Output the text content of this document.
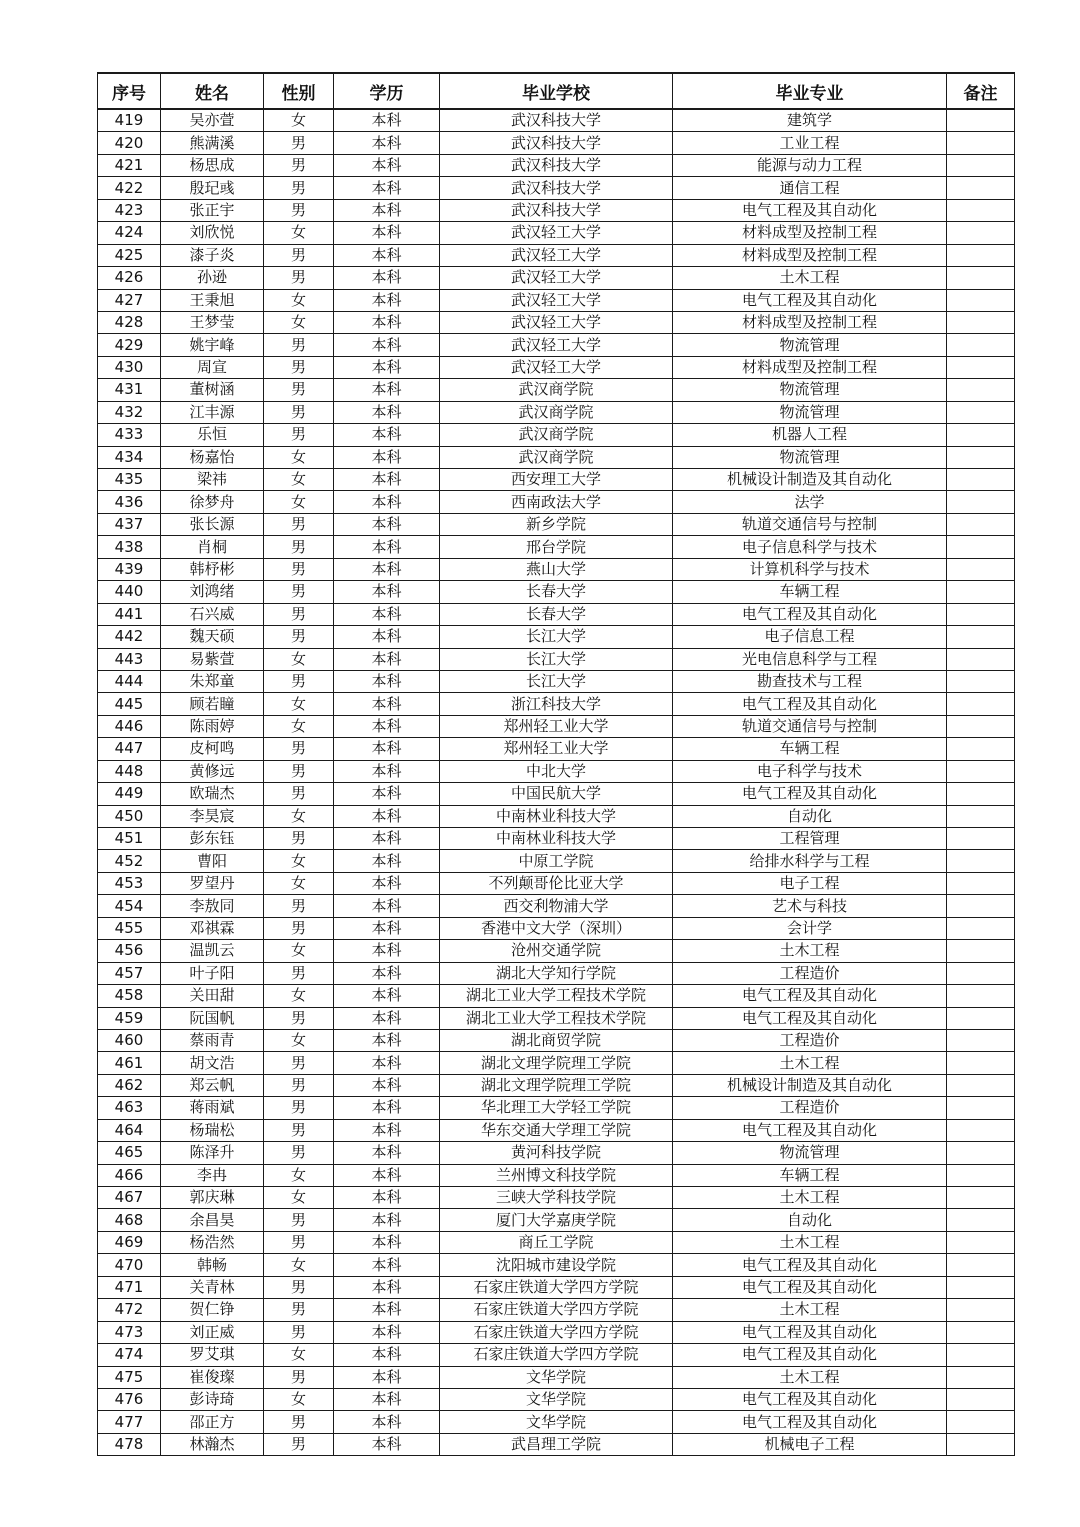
序号	姓名	性别	学历	毕业学校	毕业专业	备注
419	吴亦萱	女	本科	武汉科技大学	建筑学	
420	熊满溪	男	本科	武汉科技大学	工业工程	
421	杨思成	男	本科	武汉科技大学	能源与动力工程	
422	殷玘彧	男	本科	武汉科技大学	通信工程	
423	张正宇	男	本科	武汉科技大学	电气工程及其自动化	
424	刘欣悦	女	本科	武汉轻工大学	材料成型及控制工程	
425	漆子炎	男	本科	武汉轻工大学	材料成型及控制工程	
426	孙逊	男	本科	武汉轻工大学	土木工程	
427	王秉旭	女	本科	武汉轻工大学	电气工程及其自动化	
428	王梦莹	女	本科	武汉轻工大学	材料成型及控制工程	
429	姚宇峰	男	本科	武汉轻工大学	物流管理	
430	周宣	男	本科	武汉轻工大学	材料成型及控制工程	
431	董树涵	男	本科	武汉商学院	物流管理	
432	江丰源	男	本科	武汉商学院	物流管理	
433	乐恒	男	本科	武汉商学院	机器人工程	
434	杨嘉怡	女	本科	武汉商学院	物流管理	
435	梁祎	女	本科	西安理工大学	机械设计制造及其自动化	
436	徐梦舟	女	本科	西南政法大学	法学	
437	张长源	男	本科	新乡学院	轨道交通信号与控制	
438	肖桐	男	本科	邢台学院	电子信息科学与技术	
439	韩杼彬	男	本科	燕山大学	计算机科学与技术	
440	刘鸿绪	男	本科	长春大学	车辆工程	
441	石兴威	男	本科	长春大学	电气工程及其自动化	
442	魏天硕	男	本科	长江大学	电子信息工程	
443	易紫萱	女	本科	长江大学	光电信息科学与工程	
444	朱郑童	男	本科	长江大学	勘查技术与工程	
445	顾若瞳	女	本科	浙江科技大学	电气工程及其自动化	
446	陈雨婷	女	本科	郑州轻工业大学	轨道交通信号与控制	
447	皮柯鸣	男	本科	郑州轻工业大学	车辆工程	
448	黄修远	男	本科	中北大学	电子科学与技术	
449	欧瑞杰	男	本科	中国民航大学	电气工程及其自动化	
450	李昊宸	女	本科	中南林业科技大学	自动化	
451	彭东钰	男	本科	中南林业科技大学	工程管理	
452	曹阳	女	本科	中原工学院	给排水科学与工程	
453	罗望丹	女	本科	不列颠哥伦比亚大学	电子工程	
454	李敖同	男	本科	西交利物浦大学	艺术与科技	
455	邓祺霖	男	本科	香港中文大学（深圳）	会计学	
456	温凯云	女	本科	沧州交通学院	土木工程	
457	叶子阳	男	本科	湖北大学知行学院	工程造价	
458	关田甜	女	本科	湖北工业大学工程技术学院	电气工程及其自动化	
459	阮国帆	男	本科	湖北工业大学工程技术学院	电气工程及其自动化	
460	蔡雨青	女	本科	湖北商贸学院	工程造价	
461	胡文浩	男	本科	湖北文理学院理工学院	土木工程	
462	郑云帆	男	本科	湖北文理学院理工学院	机械设计制造及其自动化	
463	蒋雨斌	男	本科	华北理工大学轻工学院	工程造价	
464	杨瑞松	男	本科	华东交通大学理工学院	电气工程及其自动化	
465	陈泽升	男	本科	黄河科技学院	物流管理	
466	李冉	女	本科	兰州博文科技学院	车辆工程	
467	郭庆琳	女	本科	三峡大学科技学院	土木工程	
468	余昌昊	男	本科	厦门大学嘉庚学院	自动化	
469	杨浩然	男	本科	商丘工学院	土木工程	
470	韩畅	女	本科	沈阳城市建设学院	电气工程及其自动化	
471	关青林	男	本科	石家庄铁道大学四方学院	电气工程及其自动化	
472	贺仁铮	男	本科	石家庄铁道大学四方学院	土木工程	
473	刘正威	男	本科	石家庄铁道大学四方学院	电气工程及其自动化	
474	罗艾琪	女	本科	石家庄铁道大学四方学院	电气工程及其自动化	
475	崔俊璨	男	本科	文华学院	土木工程	
476	彭诗琦	女	本科	文华学院	电气工程及其自动化	
477	邵正方	男	本科	文华学院	电气工程及其自动化	
478	林瀚杰	男	本科	武昌理工学院	机械电子工程	
